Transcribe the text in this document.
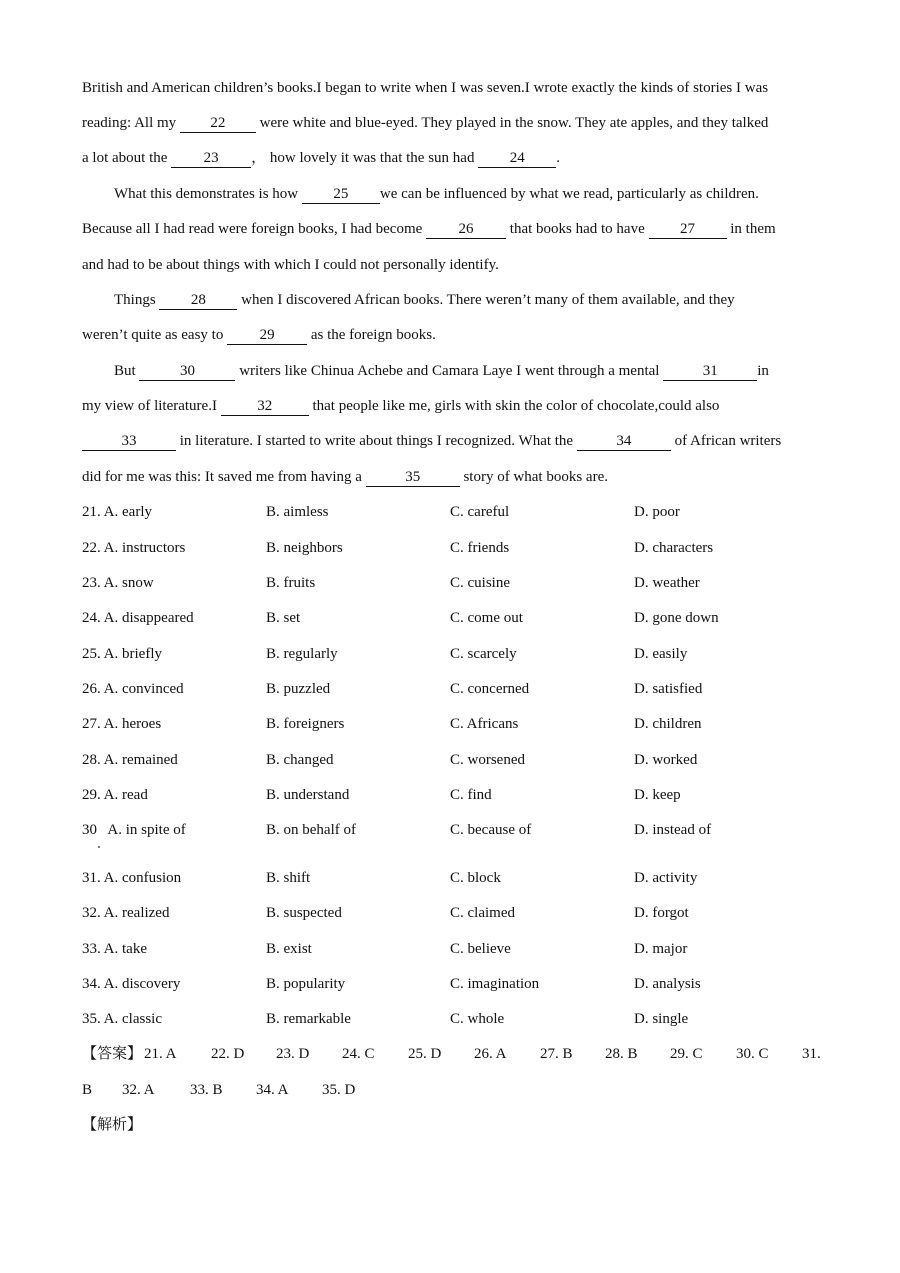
British and American children’s books.I began to write when I was seven.I wrote exactly the kinds of stories I was
reading: All my 22 were white and blue-eyed. They played in the snow. They ate apples, and they talked
a lot about the 23 ， how lovely it was that the sun had 24 .
What this demonstrates is how 25 we can be influenced by what we read, particularly as children.
Because all I had read were foreign books, I had become 26 that books had to have 27 in them
and had to be about things with which I could not personally identify.
Things 28 when I discovered African books. There weren’t many of them available, and they
weren’t quite as easy to 29 as the foreign books.
But	30	writers like Chinua Achebe and Camara Laye I went through a mental	31	in
my view of literature.I 32 that people like me, girls with skin the color of chocolate,could also
33	in literature. I started to write about things I recognized. What the	34	of African writers
did for me was this: It saved me from having a	35	story of what books are.
21. A. early	B. aimless	C. careful	D. poor
22. A. instructors	B. neighbors	C. friends	D. characters
23. A. snow	B. fruits	C. cuisine	D. weather
24. A. disappeared	B. set	C. come out	D. gone down
25. A. briefly	B. regularly	C. scarcely	D. easily
26. A. convinced	B. puzzled	C. concerned	D. satisfied
27. A. heroes	B. foreigners	C. Africans	D. children
28. A. remained	B. changed	C. worsened	D. worked
29. A. read	B. understand	C. find	D. keep
30   A. in spite of	B. on behalf of	C. because of	D. instead of
31. A. confusion	B. shift	C. block	D. activity
32. A. realized	B. suspected	C. claimed	D. forgot
33. A. take	B. exist	C. believe	D. major
34. A. discovery	B. popularity	C. imagination	D. analysis
35. A. classic	B. remarkable	C. whole	D. single
【答案】 21. A 22. D 23. D 24. C 25. D 26. A 27. B 28. B 29. C 30. C 31.
B 32. A 33. B 34. A 35. D
【解析】
